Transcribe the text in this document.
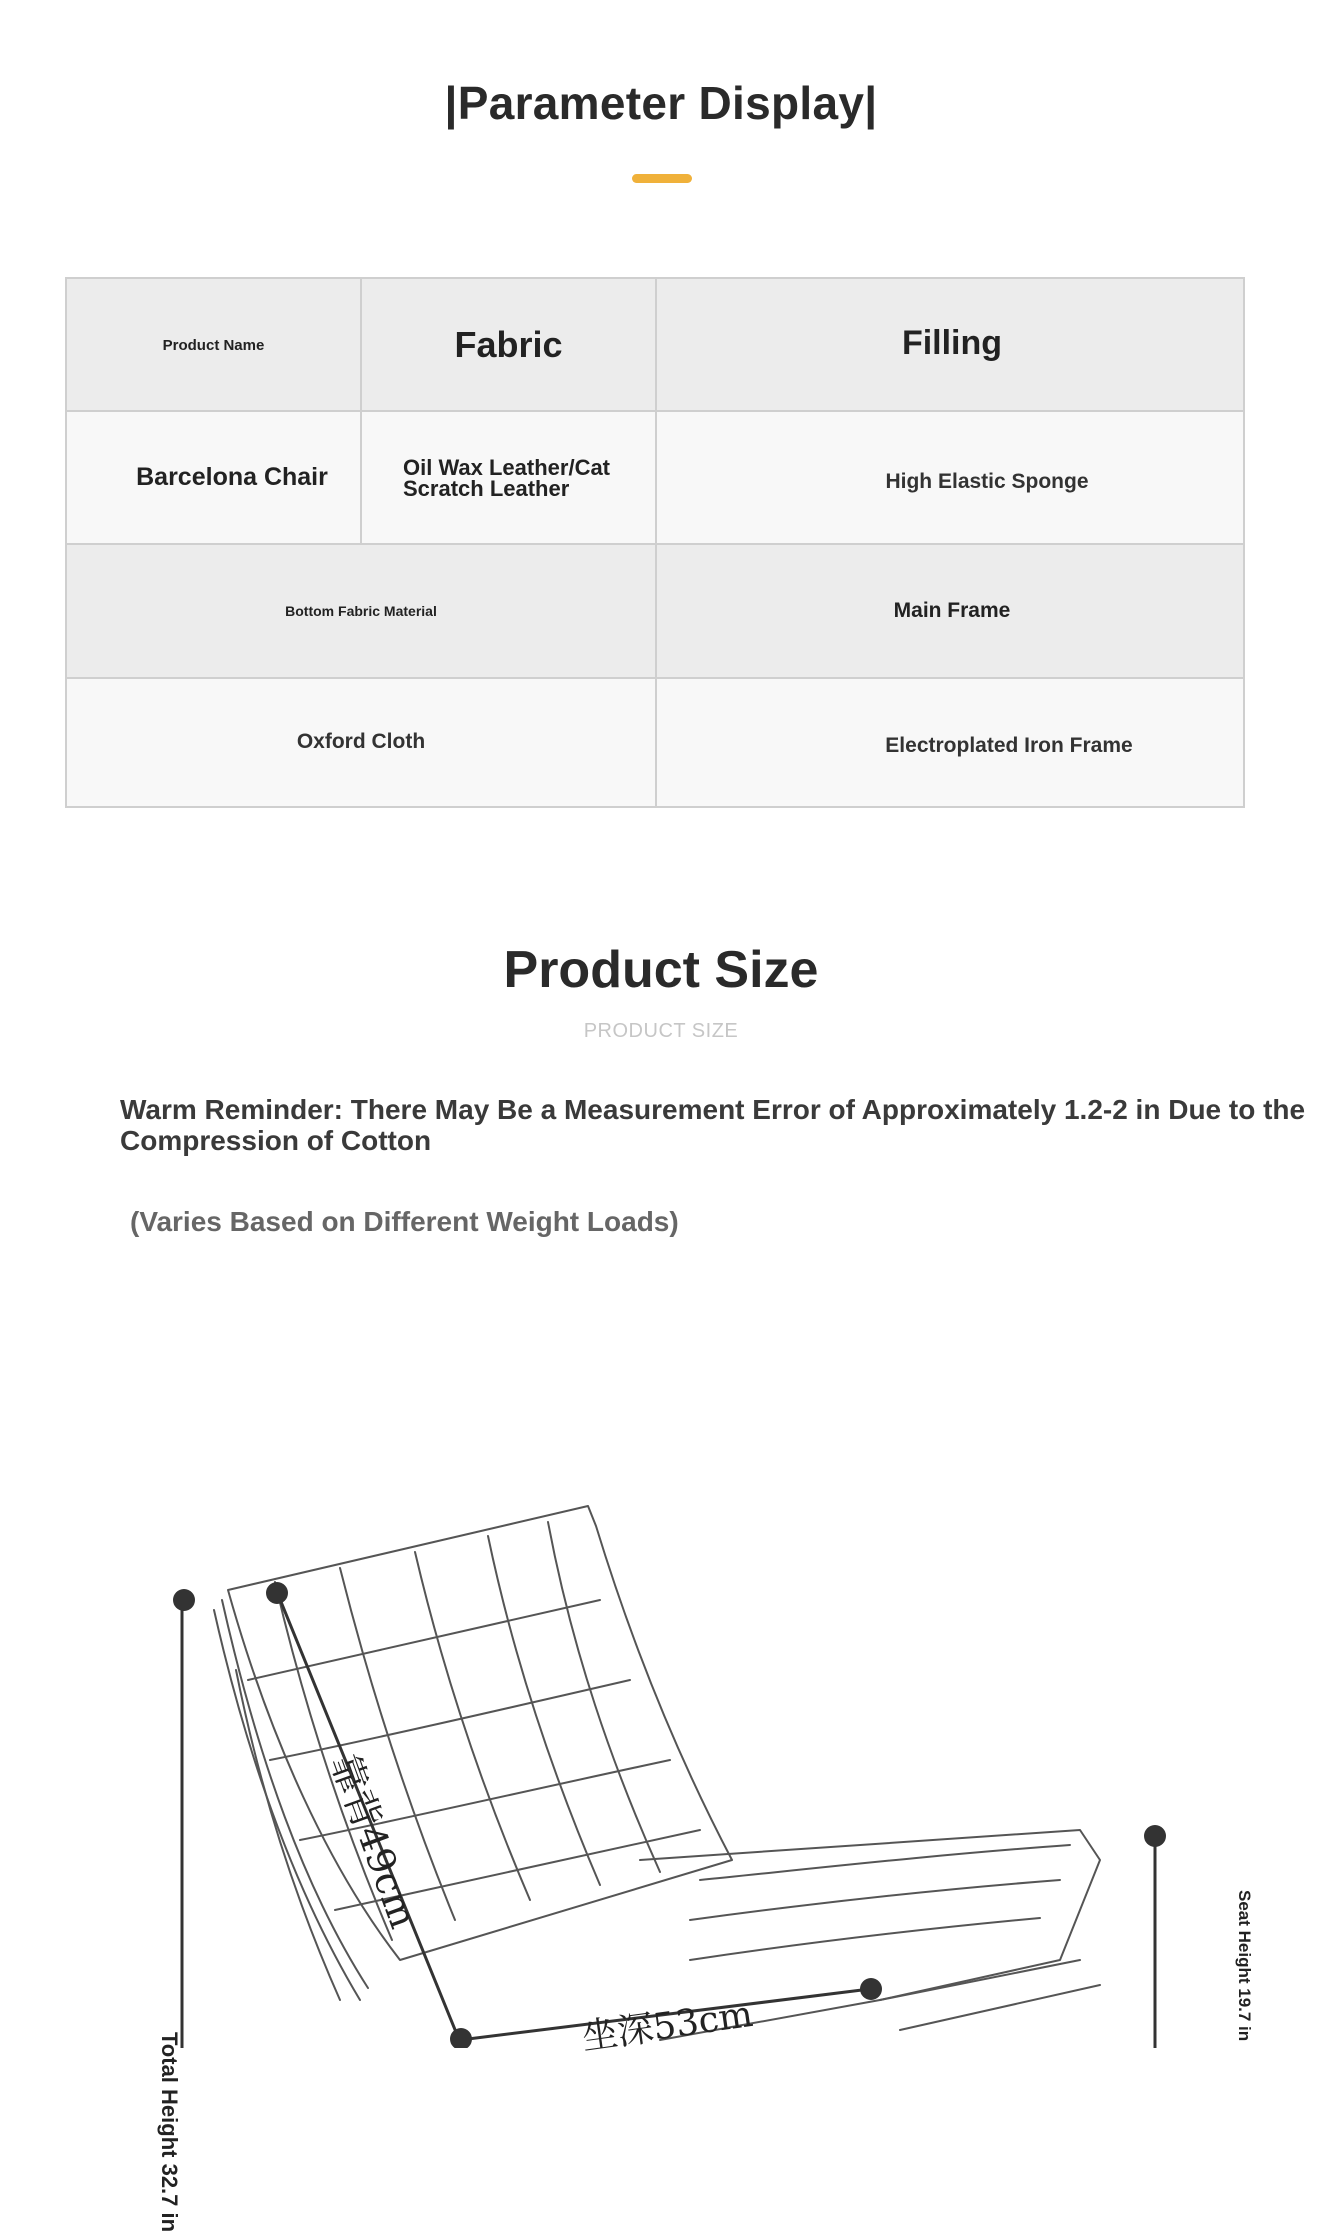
|Parameter Display|
Product Name	Fabric	Filling
Barcelona Chair	Oil Wax Leather/Cat Scratch Leather	High Elastic Sponge
Bottom Fabric Material	Main Frame
Oxford Cloth	Electroplated Iron Frame
Product Size
PRODUCT SIZE
Warm Reminder: There May Be a Measurement Error of Approximately 1.2-2 in Due to the Compression of Cotton
(Varies Based on Different Weight Loads)
Total Height 32.7 in
Seat Height 19.7 in
靠背49cm
坐深53cm
